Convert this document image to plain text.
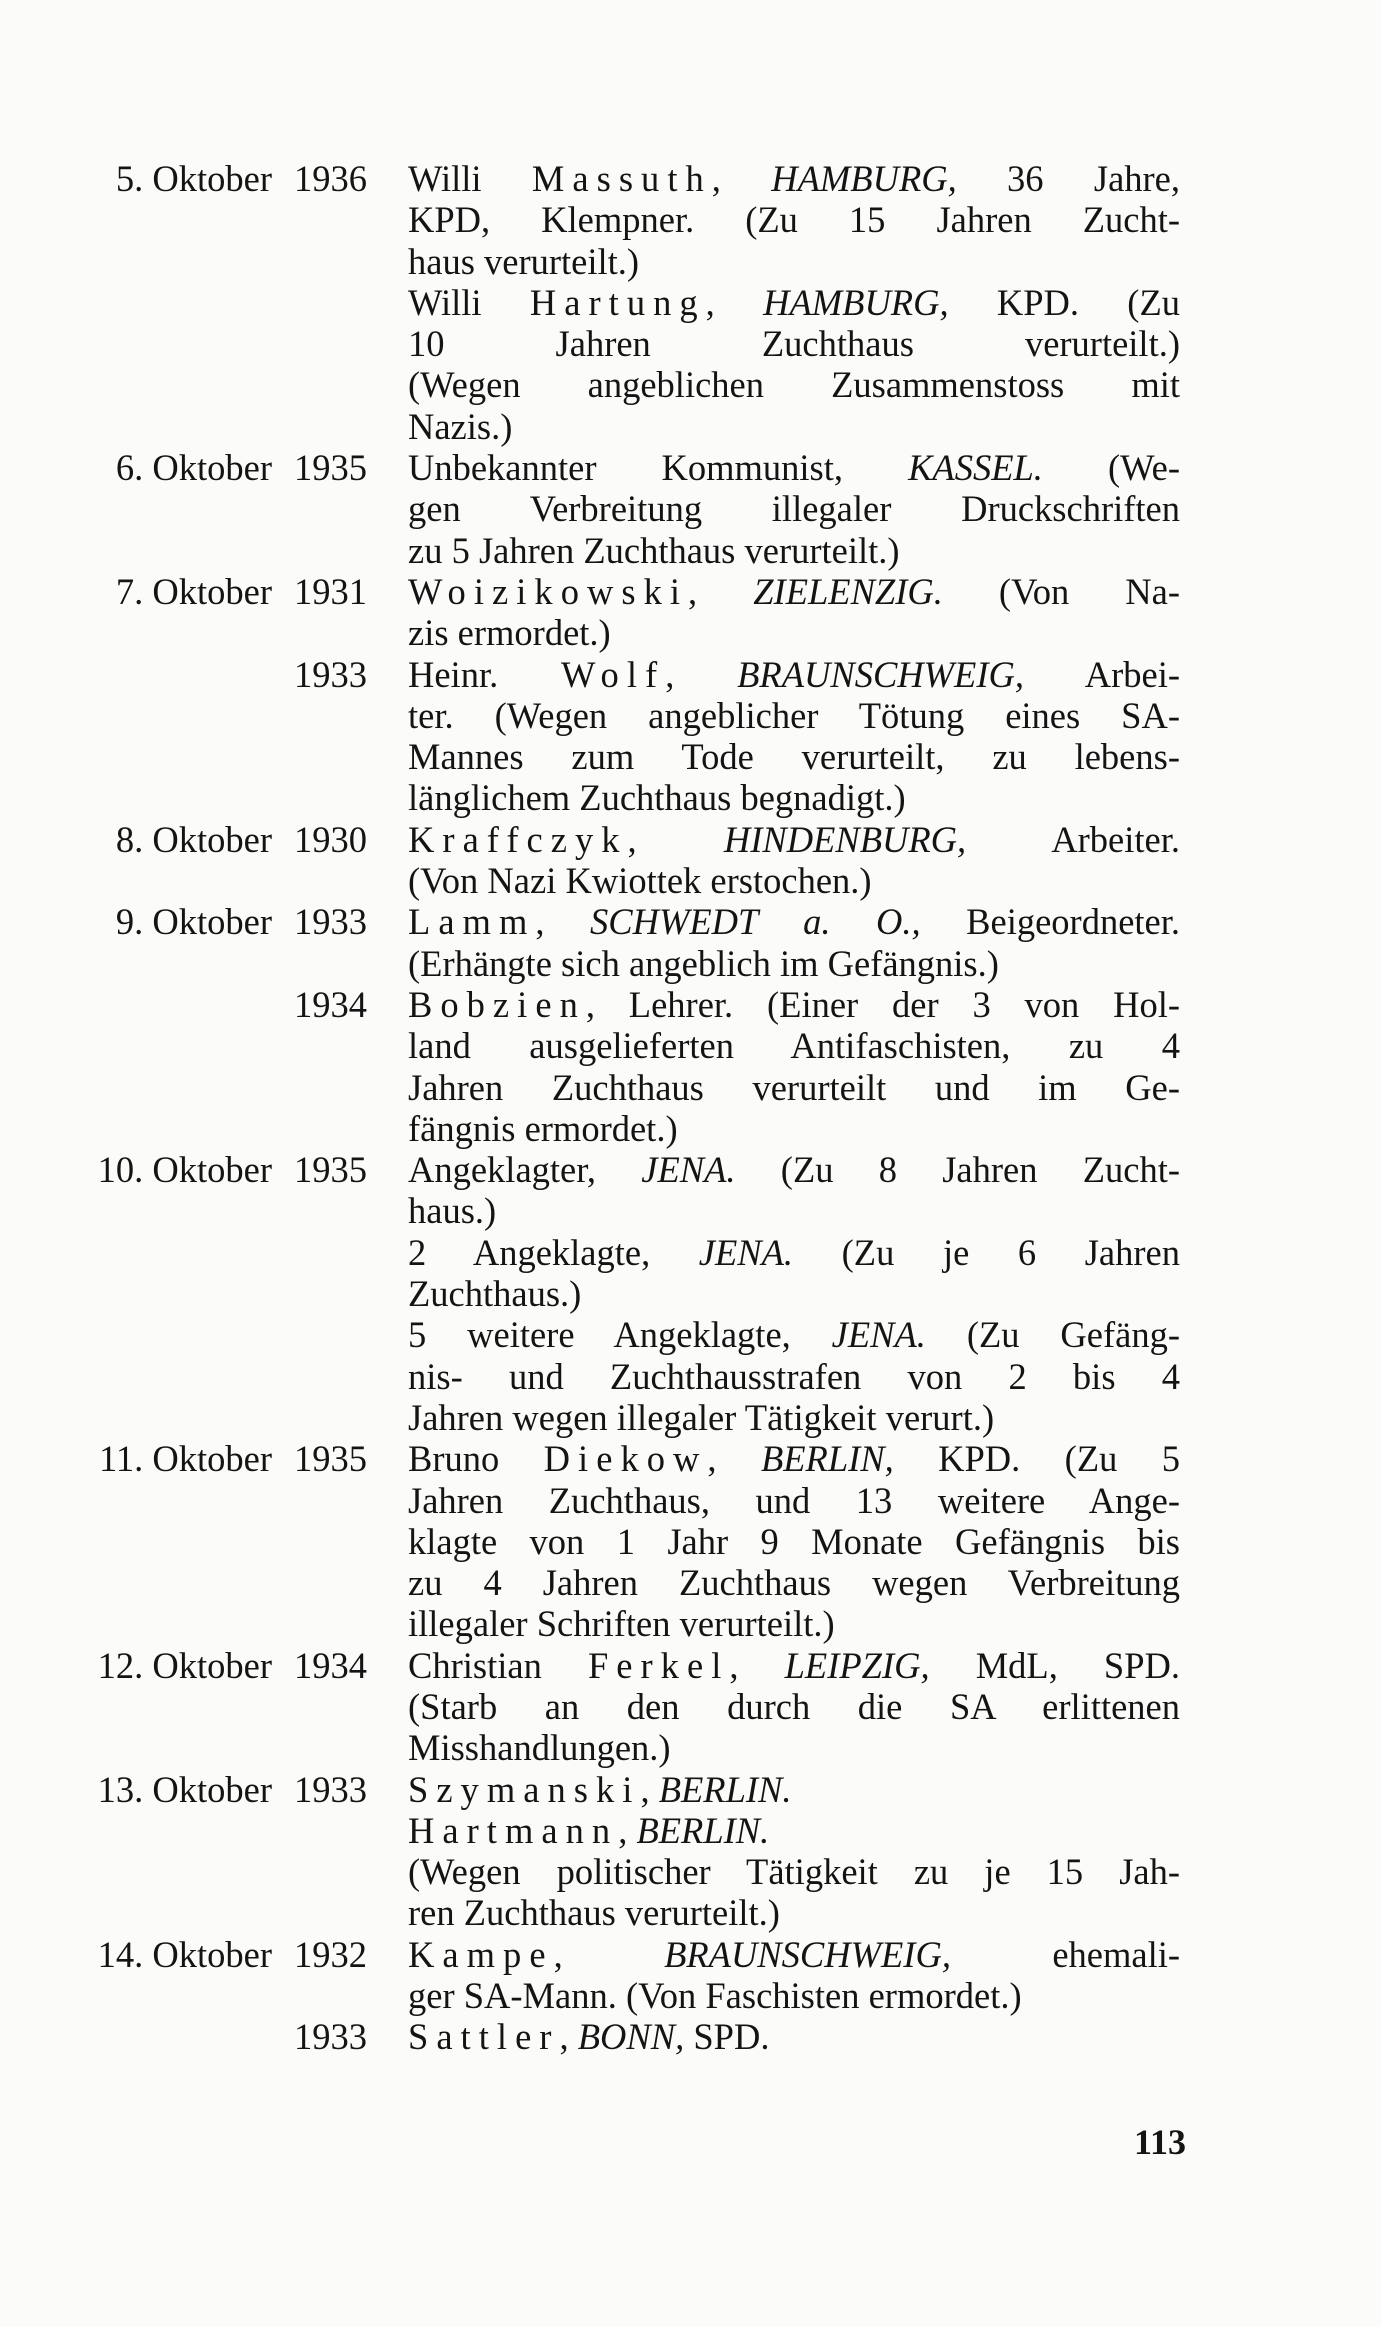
5. Oktober 1936 Willi Massuth, HAMBURG, 36 Jahre,
KPD, Klempner. (Zu 15 Jahren Zucht-
haus verurteilt.)
Willi Hartung, HAMBURG, KPD. (Zu
10 Jahren Zuchthaus verurteilt.)
(Wegen angeblichen Zusammenstoss mit
Nazis.)
6. Oktober 1935 Unbekannter Kommunist, KASSEL. (We-
gen Verbreitung illegaler Druckschriften
zu 5 Jahren Zuchthaus verurteilt.)
7. Oktober 1931 Woizikowski, ZIELENZIG. (Von Na-
zis ermordet.)
1933 Heinr. Wolf, BRAUNSCHWEIG, Arbei-
ter. (Wegen angeblicher Tötung eines SA-
Mannes zum Tode verurteilt, zu lebens-
länglichem Zuchthaus begnadigt.)
8. Oktober 1930 Kraffczyk, HINDENBURG, Arbeiter.
(Von Nazi Kwiottek erstochen.)
9. Oktober 1933 Lamm, SCHWEDT a. O., Beigeordneter.
(Erhängte sich angeblich im Gefängnis.)
1934 Bobzien, Lehrer. (Einer der 3 von Hol-
land ausgelieferten Antifaschisten, zu 4
Jahren Zuchthaus verurteilt und im Ge-
fängnis ermordet.)
10. Oktober 1935 Angeklagter, JENA. (Zu 8 Jahren Zucht-
haus.)
2 Angeklagte, JENA. (Zu je 6 Jahren
Zuchthaus.)
5 weitere Angeklagte, JENA. (Zu Gefäng-
nis- und Zuchthausstrafen von 2 bis 4
Jahren wegen illegaler Tätigkeit verurt.)
11. Oktober 1935 Bruno Diekow, BERLIN, KPD. (Zu 5
Jahren Zuchthaus, und 13 weitere Ange-
klagte von 1 Jahr 9 Monate Gefängnis bis
zu 4 Jahren Zuchthaus wegen Verbreitung
illegaler Schriften verurteilt.)
12. Oktober 1934 Christian Ferkel, LEIPZIG, MdL, SPD.
(Starb an den durch die SA erlittenen
Misshandlungen.)
13. Oktober 1933 Szymanski, BERLIN.
Hartmann, BERLIN.
(Wegen politischer Tätigkeit zu je 15 Jah-
ren Zuchthaus verurteilt.)
14. Oktober 1932 Kampe, BRAUNSCHWEIG, ehemali-
ger SA-Mann. (Von Faschisten ermordet.)
1933 Sattler, BONN, SPD.
113
